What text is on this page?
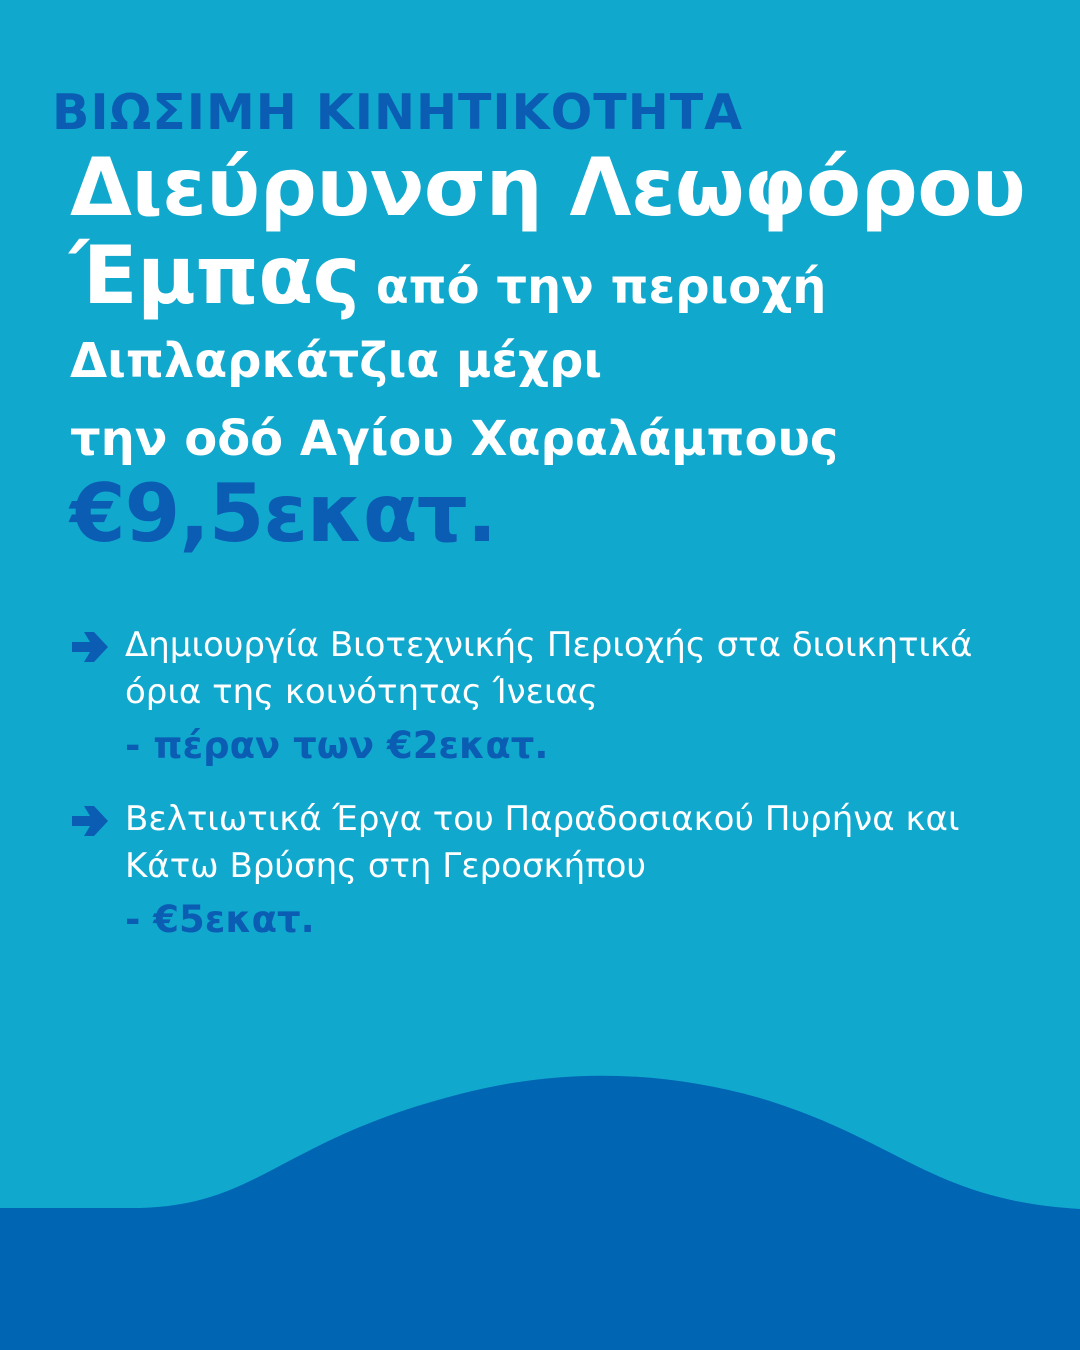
ΒΙΩΣΙΜΗ ΚΙΝΗΤΙΚΟΤΗΤΑ
Διεύρυνση Λεωφόρου
Έμπας από την περιοχή
Διπλαρκάτζια μέχρι
την οδό Αγίου Χαραλάμπους
€9,5εκατ.
Δημιουργία Βιοτεχνικής Περιοχής στα διοικητικά
όρια της κοινότητας Ίνειας
- πέραν των €2εκατ.
Βελτιωτικά Έργα του Παραδοσιακού Πυρήνα και
Κάτω Βρύσης στη Γεροσκήπου
- €5εκατ.
